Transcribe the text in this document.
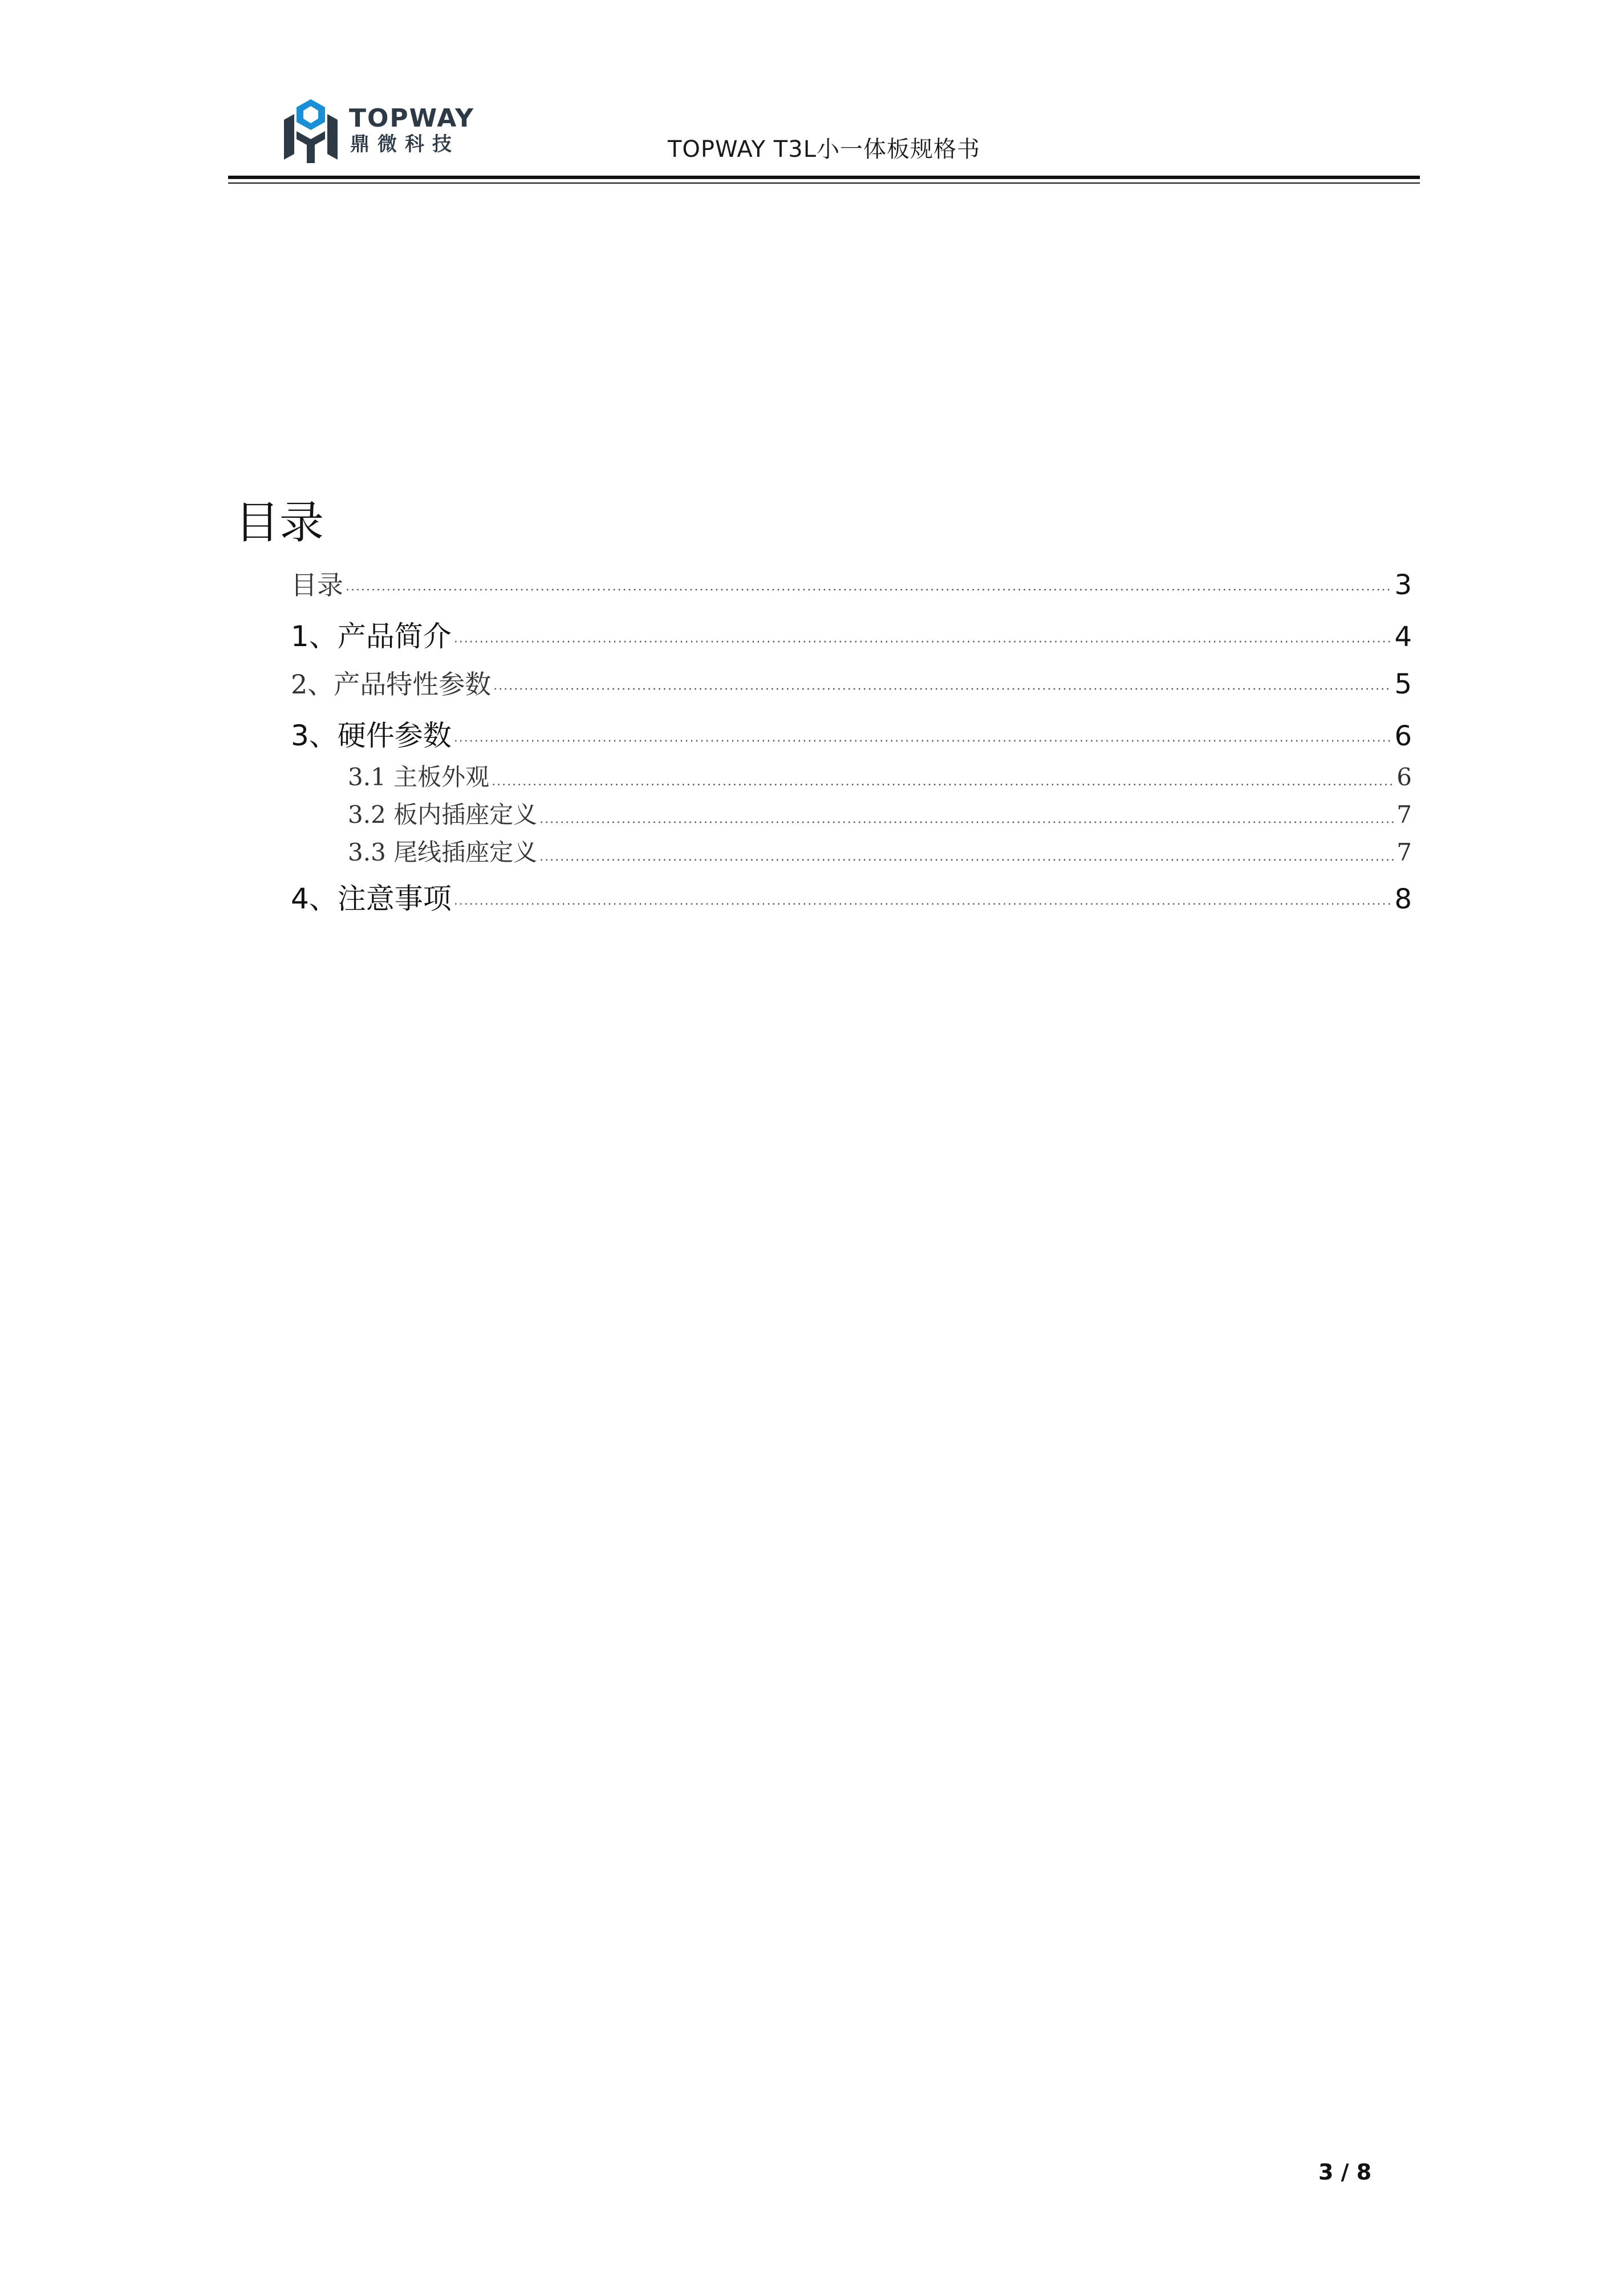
TOPWAY
鼎微科技	TOPWAY T3L小一体板规格书
目录
目录 ·····	3
1、产品简介 ·····	4
2、产品特性参数 ·····	5
3、硬件参数 ·····	6
3.1 主板外观 .....	6
3.2 板内插座定义 .....	7
3.3 尾线插座定义 .....	7
4、注意事项 ·····	8
3 / 8
